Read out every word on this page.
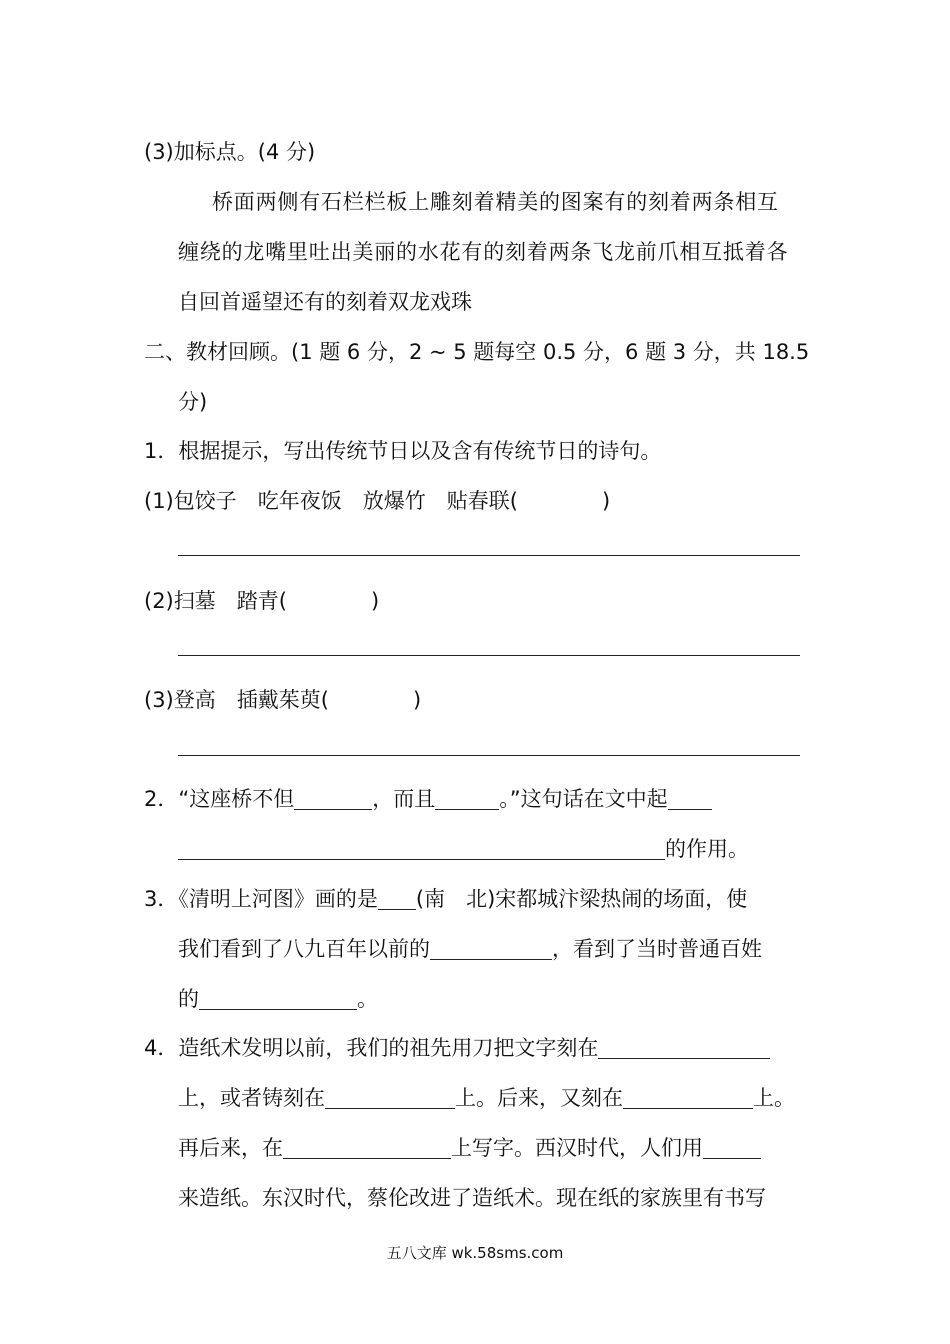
(3)加标点。(4 分)
桥面两侧有石栏栏板上雕刻着精美的图案有的刻着两条相互
缠绕的龙嘴里吐出美丽的水花有的刻着两条飞龙前爪相互抵着各
自回首遥望还有的刻着双龙戏珠
二、教材回顾。(1 题 6 分，2 ~ 5 题每空 0.5 分，6 题 3 分，共 18.5
分)
1．根据提示，写出传统节日以及含有传统节日的诗句。
(1)包饺子　吃年夜饭　放爆竹　贴春联(	)
(2)扫墓　踏青(	)
(3)登高　插戴茱萸(	)
2．“这座桥不但	，而且	。”这句话在文中起
的作用。
3．《清明上河图》画的是 (南　北)宋都城汴梁热闹的场面，使
我们看到了八九百年以前的	，看到了当时普通百姓
的	。
4．造纸术发明以前，我们的祖先用刀把文字刻在
上，或者铸刻在	上。后来，又刻在	上。
再后来，在	上写字。西汉时代，人们用
来造纸。东汉时代，蔡伦改进了造纸术。现在纸的家族里有书写
五八文库 wk.58sms.com
